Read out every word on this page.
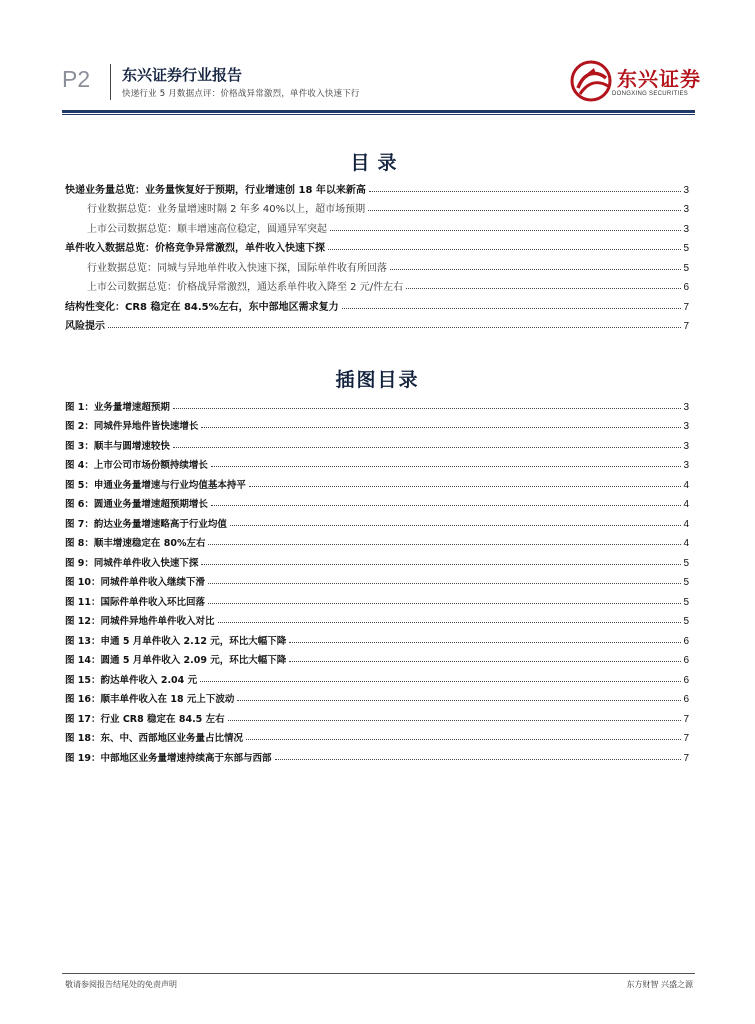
P2 东兴证券行业报告
快递行业 5 月数据点评：价格战异常激烈，单件收入快速下行
东兴证券
DONGXING SECURITIES
目录
快递业务量总览：业务量恢复好于预期，行业增速创 18 年以来新高	3
行业数据总览：业务量增速时隔 2 年多 40%以上，超市场预期	3
上市公司数据总览：顺丰增速高位稳定，圆通异军突起	3
单件收入数据总览：价格竞争异常激烈，单件收入快速下探	5
行业数据总览：同城与异地单件收入快速下探，国际单件收有所回落	5
上市公司数据总览：价格战异常激烈，通达系单件收入降至 2 元/件左右	6
结构性变化：CR8 稳定在 84.5%左右，东中部地区需求复力	7
风险提示	7
插图目录
图 1：业务量增速超预期	3
图 2：同城件异地件皆快速增长	3
图 3：顺丰与圆增速较快	3
图 4：上市公司市场份额持续增长	3
图 5：申通业务量增速与行业均值基本持平	4
图 6：圆通业务量增速超预期增长	4
图 7：韵达业务量增速略高于行业均值	4
图 8：顺丰增速稳定在 80%左右	4
图 9：同城件单件收入快速下探	5
图 10：同城件单件收入继续下滑	5
图 11：国际件单件收入环比回落	5
图 12：同城件异地件单件收入对比	5
图 13：申通 5 月单件收入 2.12 元，环比大幅下降	6
图 14：圆通 5 月单件收入 2.09 元，环比大幅下降	6
图 15：韵达单件收入 2.04 元	6
图 16：顺丰单件收入在 18 元上下波动	6
图 17：行业 CR8 稳定在 84.5 左右	7
图 18：东、中、西部地区业务量占比情况	7
图 19：中部地区业务量增速持续高于东部与西部	7
敬请参阅报告结尾处的免责声明	东方财智 兴盛之源
